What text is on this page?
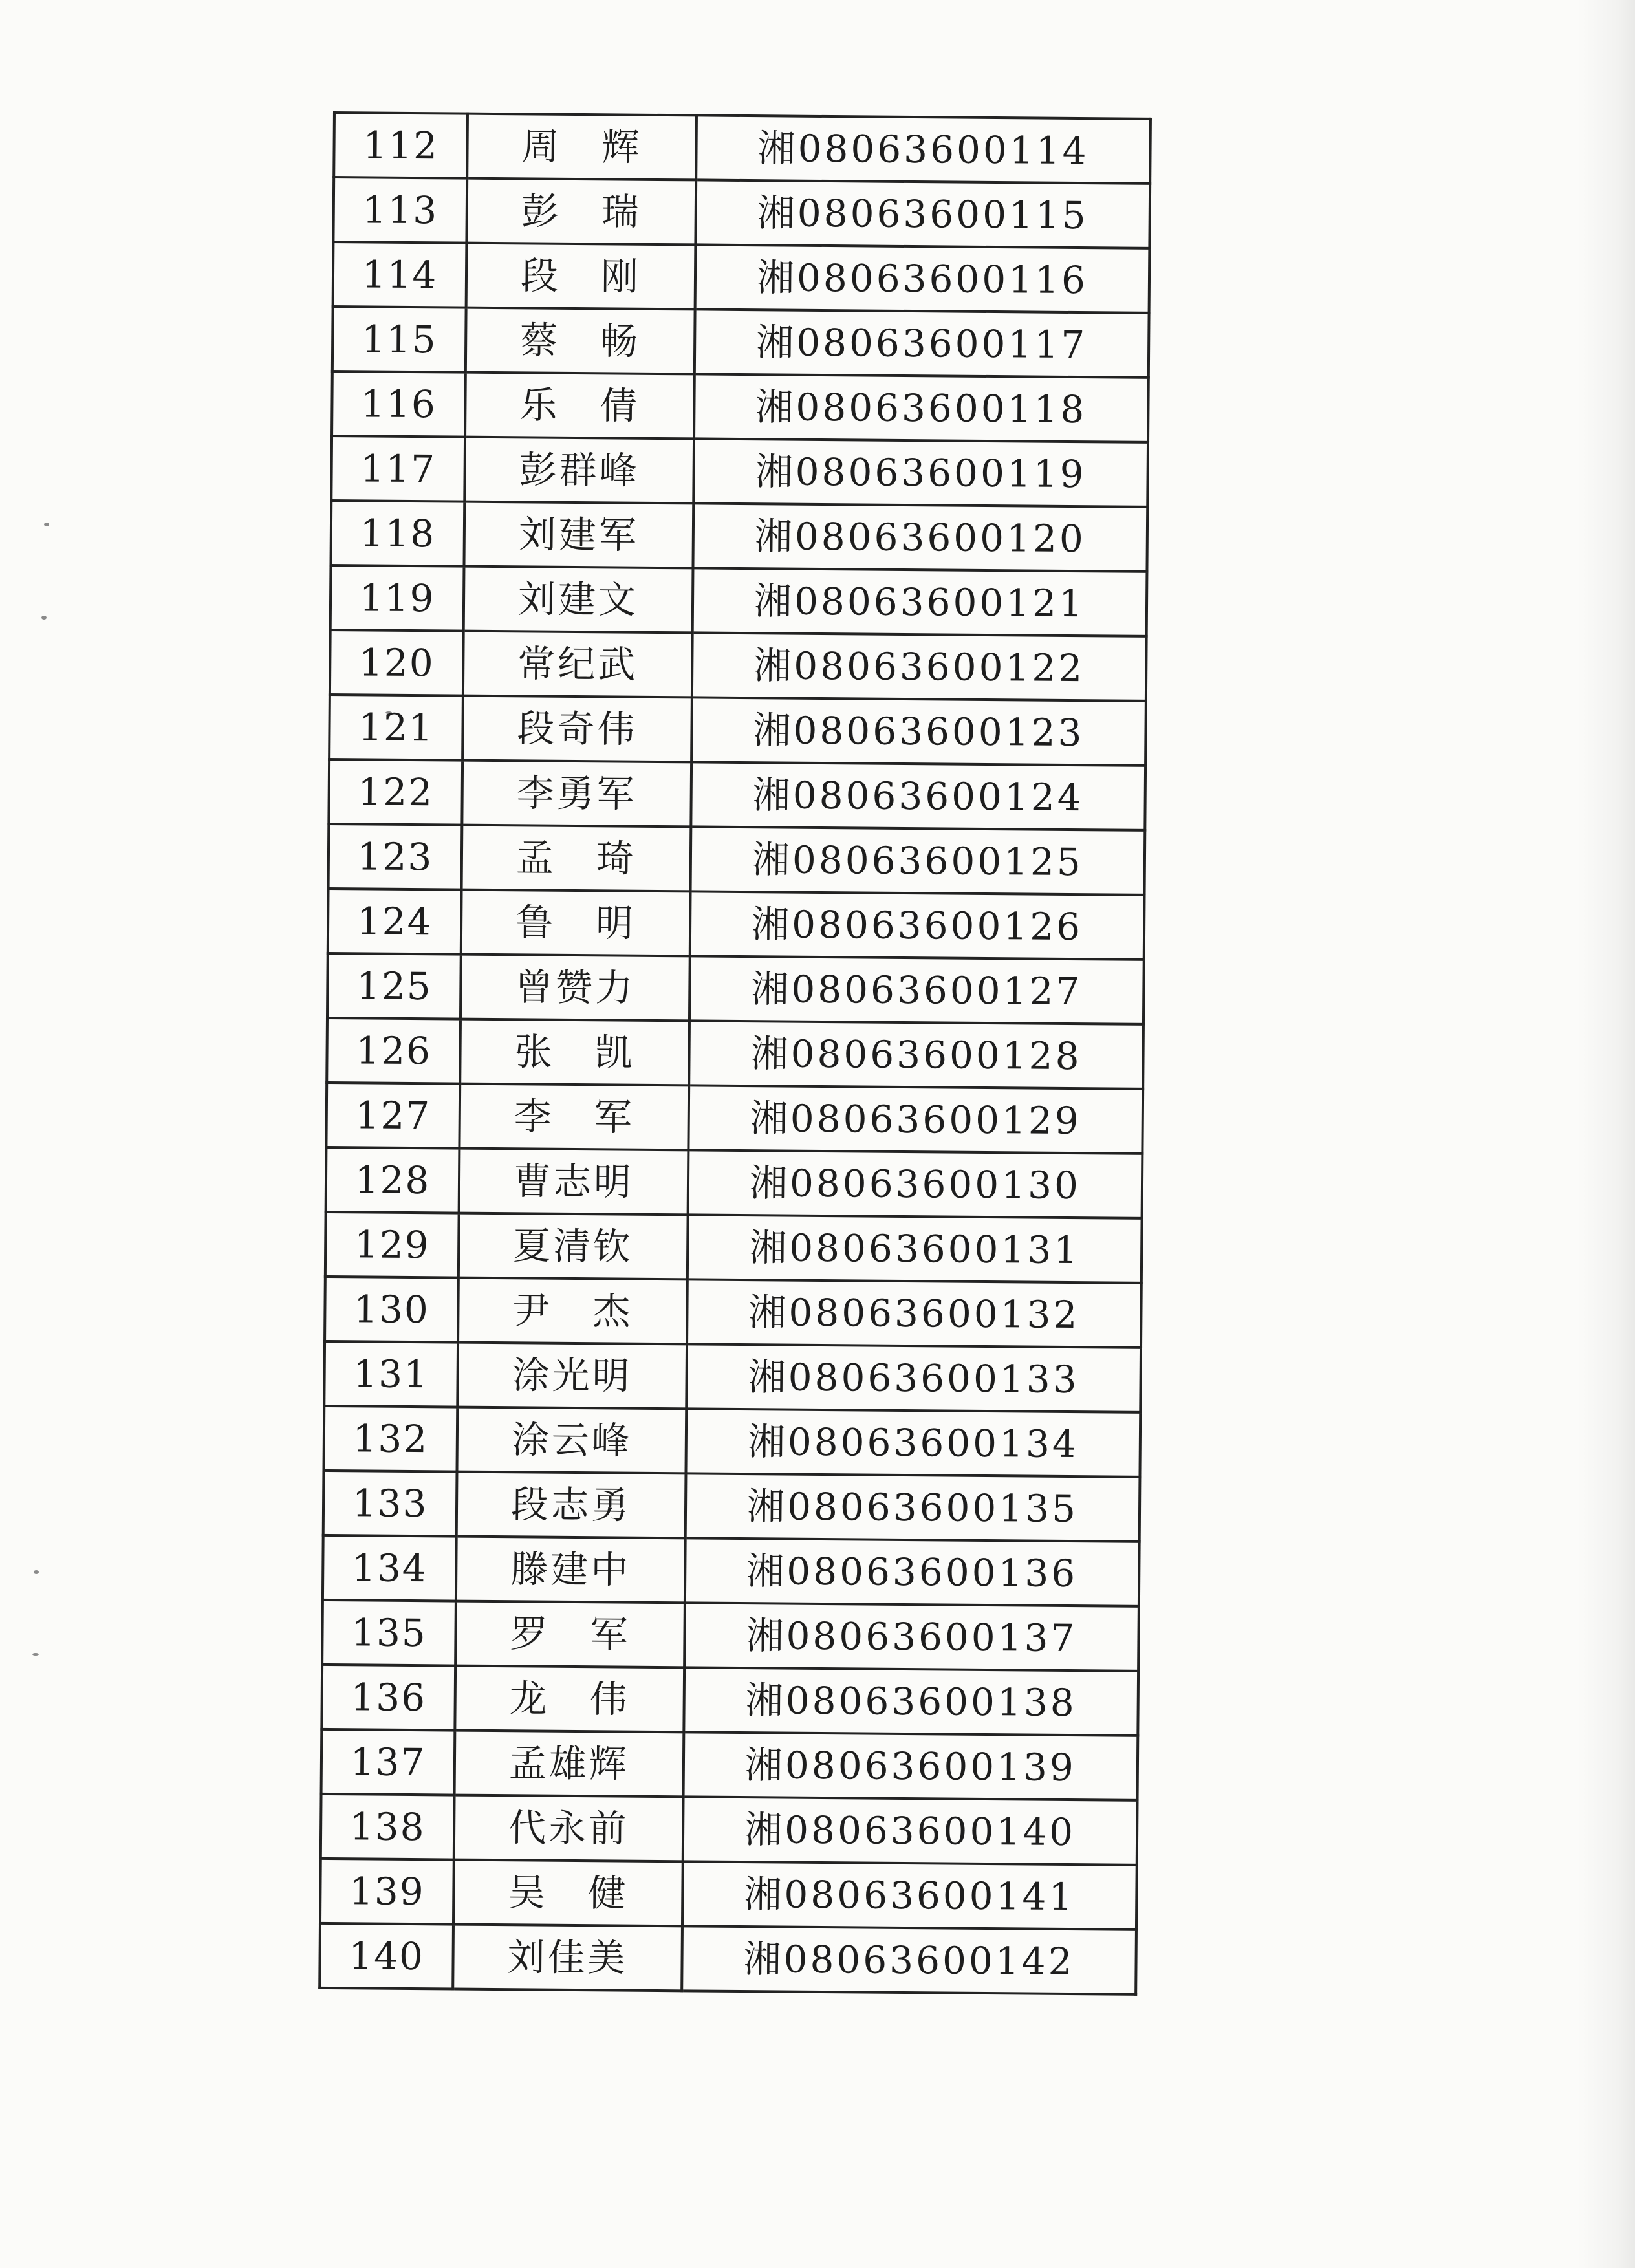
112	周　辉	湘08063600114
113	彭　瑞	湘08063600115
114	段　刚	湘08063600116
115	蔡　畅	湘08063600117
116	乐　倩	湘08063600118
117	彭群峰	湘08063600119
118	刘建军	湘08063600120
119	刘建文	湘08063600121
120	常纪武	湘08063600122
121	段奇伟	湘08063600123
122	李勇军	湘08063600124
123	孟　琦	湘08063600125
124	鲁　明	湘08063600126
125	曾赞力	湘08063600127
126	张　凯	湘08063600128
127	李　军	湘08063600129
128	曹志明	湘08063600130
129	夏清钦	湘08063600131
130	尹　杰	湘08063600132
131	涂光明	湘08063600133
132	涂云峰	湘08063600134
133	段志勇	湘08063600135
134	滕建中	湘08063600136
135	罗　军	湘08063600137
136	龙　伟	湘08063600138
137	孟雄辉	湘08063600139
138	代永前	湘08063600140
139	吴　健	湘08063600141
140	刘佳美	湘08063600142
